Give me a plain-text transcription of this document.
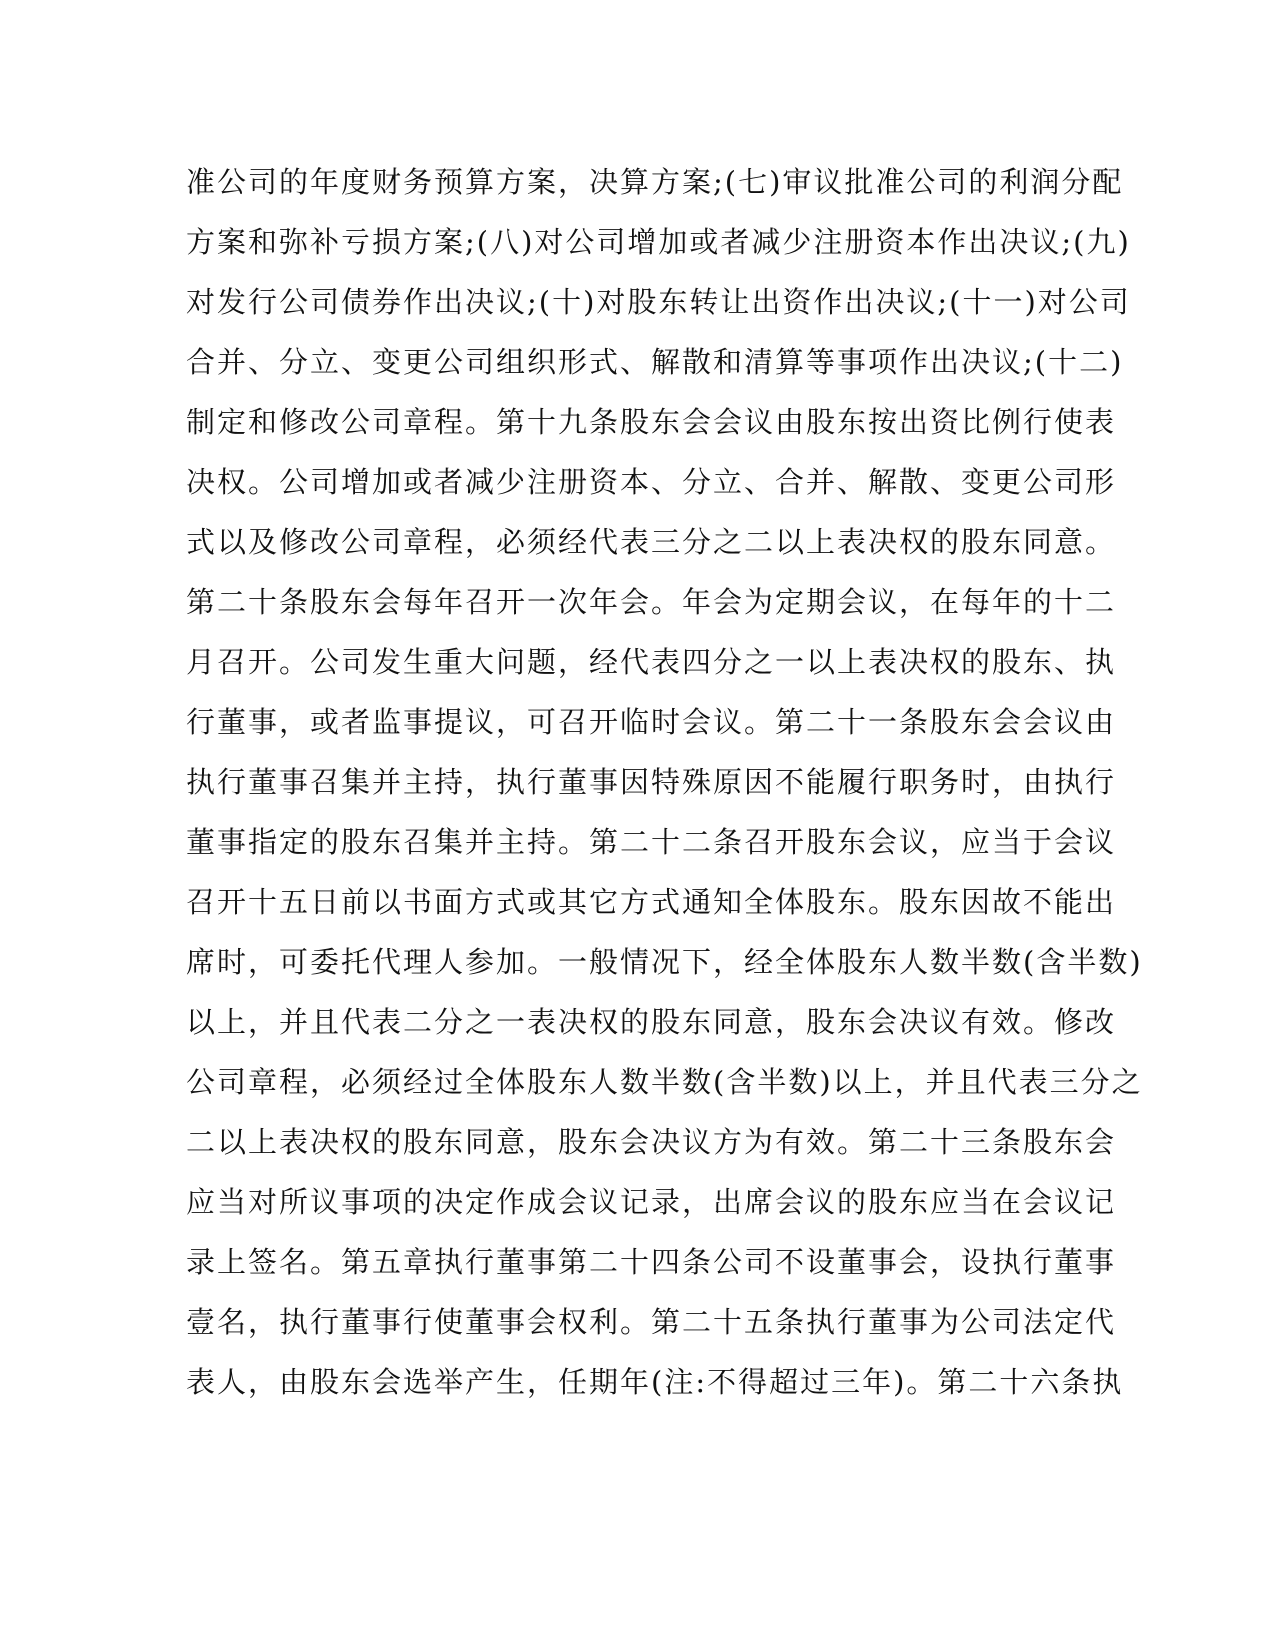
准公司的年度财务预算方案，决算方案;(七)审议批准公司的利润分配
方案和弥补亏损方案;(八)对公司增加或者减少注册资本作出决议;(九)
对发行公司债券作出决议;(十)对股东转让出资作出决议;(十一)对公司
合并、分立、变更公司组织形式、解散和清算等事项作出决议;(十二)
制定和修改公司章程。第十九条股东会会议由股东按出资比例行使表
决权。公司增加或者减少注册资本、分立、合并、解散、变更公司形
式以及修改公司章程，必须经代表三分之二以上表决权的股东同意。
第二十条股东会每年召开一次年会。年会为定期会议，在每年的十二
月召开。公司发生重大问题，经代表四分之一以上表决权的股东、执
行董事，或者监事提议，可召开临时会议。第二十一条股东会会议由
执行董事召集并主持，执行董事因特殊原因不能履行职务时，由执行
董事指定的股东召集并主持。第二十二条召开股东会议，应当于会议
召开十五日前以书面方式或其它方式通知全体股东。股东因故不能出
席时，可委托代理人参加。一般情况下，经全体股东人数半数(含半数)
以上，并且代表二分之一表决权的股东同意，股东会决议有效。修改
公司章程，必须经过全体股东人数半数(含半数)以上，并且代表三分之
二以上表决权的股东同意，股东会决议方为有效。第二十三条股东会
应当对所议事项的决定作成会议记录，出席会议的股东应当在会议记
录上签名。第五章执行董事第二十四条公司不设董事会，设执行董事
壹名，执行董事行使董事会权利。第二十五条执行董事为公司法定代
表人，由股东会选举产生，任期年(注:不得超过三年)。第二十六条执
